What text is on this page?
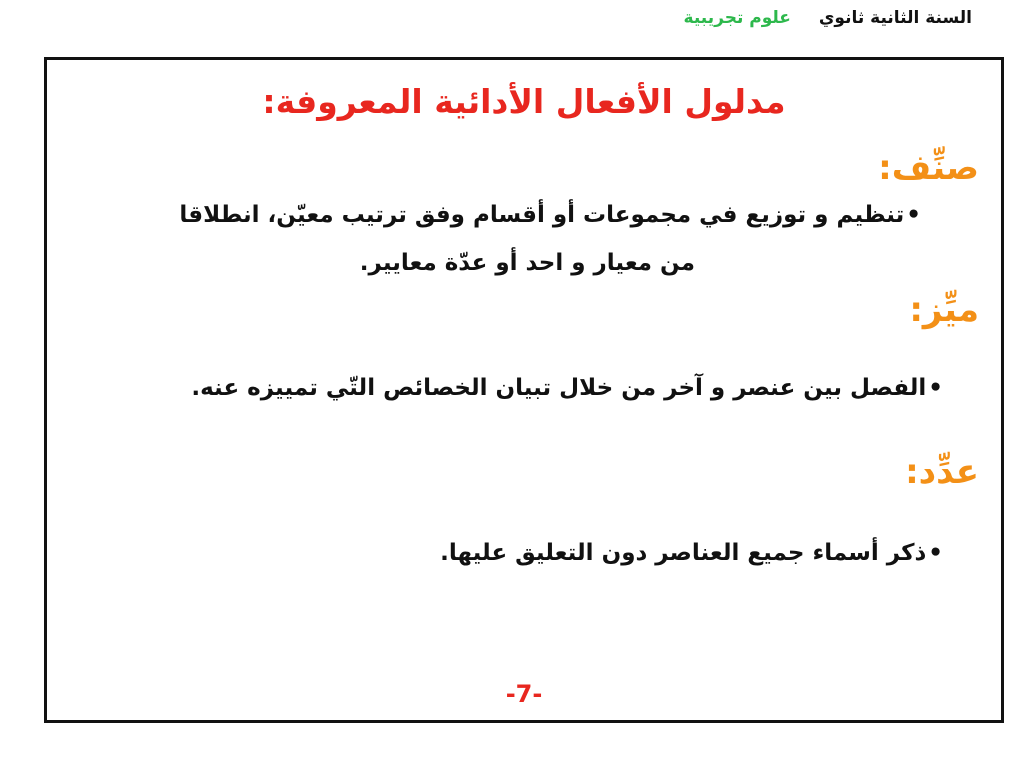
السنة الثانية ثانوي علوم تجريبية
مدلول الأفعال الأدائية المعروفة:
صنِّف:
•تنظيم و توزيع في مجموعات أو أقسام وفق ترتيب معيّن، انطلاقا
من معيار و احد أو عدّة معايير.
ميِّز:
•الفصل بين عنصر و آخر من خلال تبيان الخصائص التّي تمييزه عنه.
عدِّد:
•ذكر أسماء جميع العناصر دون التعليق عليها.
-7-
